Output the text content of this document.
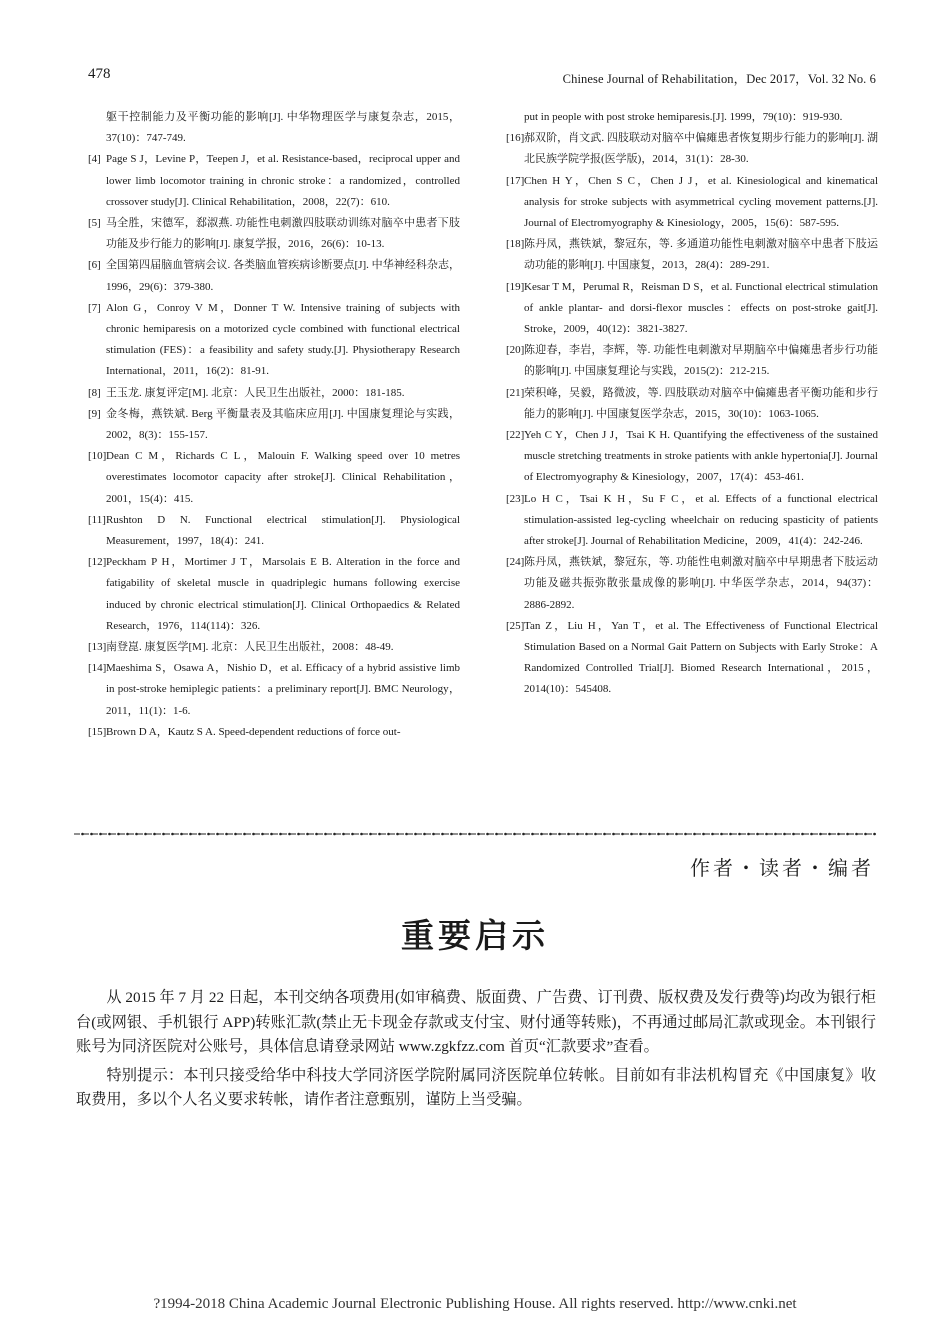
478	Chinese Journal of Rehabilitation，Dec 2017，Vol. 32 No. 6
躯干控制能力及平衡功能的影响[J]. 中华物理医学与康复杂志，2015，37(10)：747-749.
[4] Page S J，Levine P，Teepen J，et al. Resistance-based，reciprocal upper and lower limb locomotor training in chronic stroke：a randomized，controlled crossover study[J]. Clinical Rehabilitation，2008，22(7)：610.
[5] 马全胜，宋德军，郄淑燕. 功能性电刺激四肢联动训练对脑卒中患者下肢功能及步行能力的影响[J]. 康复学报，2016，26(6)：10-13.
[6] 全国第四届脑血管病会议. 各类脑血管疾病诊断要点[J]. 中华神经科杂志，1996，29(6)：379-380.
[7] Alon G，Conroy V M，Donner T W. Intensive training of subjects with chronic hemiparesis on a motorized cycle combined with functional electrical stimulation (FES)：a feasibility and safety study.[J]. Physiotherapy Research International，2011，16(2)：81-91.
[8] 王玉龙. 康复评定[M]. 北京：人民卫生出版社，2000：181-185.
[9] 金冬梅，燕铁斌. Berg 平衡量表及其临床应用[J]. 中国康复理论与实践，2002，8(3)：155-157.
[10] Dean C M，Richards C L，Malouin F. Walking speed over 10 metres overestimates locomotor capacity after stroke[J]. Clinical Rehabilitation，2001，15(4)：415.
[11] Rushton D N. Functional electrical stimulation[J]. Physiological Measurement，1997，18(4)：241.
[12] Peckham P H，Mortimer J T，Marsolais E B. Alteration in the force and fatigability of skeletal muscle in quadriplegic humans following exercise induced by chronic electrical stimulation[J]. Clinical Orthopaedics & Related Research，1976，114(114)：326.
[13] 南登崑. 康复医学[M]. 北京：人民卫生出版社，2008：48-49.
[14] Maeshima S，Osawa A，Nishio D，et al. Efficacy of a hybrid assistive limb in post-stroke hemiplegic patients：a preliminary report[J]. BMC Neurology，2011，11(1)：1-6.
[15] Brown D A，Kautz S A. Speed-dependent reductions of force out-
put in people with post stroke hemiparesis.[J]. 1999，79(10)：919-930.
[16] 郝双阶，肖文武. 四肢联动对脑卒中偏瘫患者恢复期步行能力的影响[J]. 湖北民族学院学报(医学版)，2014，31(1)：28-30.
[17] Chen H Y，Chen S C，Chen J J，et al. Kinesiological and kinematical analysis for stroke subjects with asymmetrical cycling movement patterns.[J]. Journal of Electromyography & Kinesiology，2005，15(6)：587-595.
[18] 陈丹凤，燕铁斌，黎冠东，等. 多通道功能性电刺激对脑卒中患者下肢运动功能的影响[J]. 中国康复，2013，28(4)：289-291.
[19] Kesar T M，Perumal R，Reisman D S，et al. Functional electrical stimulation of ankle plantar- and dorsi-flexor muscles：effects on post-stroke gait[J]. Stroke，2009，40(12)：3821-3827.
[20] 陈迎春，李岩，李辉，等. 功能性电刺激对早期脑卒中偏瘫患者步行功能的影响[J]. 中国康复理论与实践，2015(2)：212-215.
[21] 荣积峰，吴毅，路微波，等. 四肢联动对脑卒中偏瘫患者平衡功能和步行能力的影响[J]. 中国康复医学杂志，2015，30(10)：1063-1065.
[22] Yeh C Y，Chen J J，Tsai K H. Quantifying the effectiveness of the sustained muscle stretching treatments in stroke patients with ankle hypertonia[J]. Journal of Electromyography & Kinesiology，2007，17(4)：453-461.
[23] Lo H C，Tsai K H，Su F C，et al. Effects of a functional electrical stimulation-assisted leg-cycling wheelchair on reducing spasticity of patients after stroke[J]. Journal of Rehabilitation Medicine，2009，41(4)：242-246.
[24] 陈丹凤，燕铁斌，黎冠东，等. 功能性电刺激对脑卒中早期患者下肢运动功能及磁共振弥散张量成像的影响[J]. 中华医学杂志，2014，94(37)：2886-2892.
[25] Tan Z，Liu H，Yan T，et al. The Effectiveness of Functional Electrical Stimulation Based on a Normal Gait Pattern on Subjects with Early Stroke：A Randomized Controlled Trial[J]. Biomed Research International，2015，2014(10)：545408.
作者・读者・编者
重要启示

从 2015 年 7 月 22 日起，本刊交纳各项费用(如审稿费、版面费、广告费、订刊费、版权费及发行费等)均改为银行柜台(或网银、手机银行 APP)转账汇款(禁止无卡现金存款或支付宝、财付通等转账)，不再通过邮局汇款或现金。本刊银行账号为同济医院对公账号，具体信息请登录网站 www.zgkfzz.com 首页“汇款要求”查看。

特别提示：本刊只接受给华中科技大学同济医学院附属同济医院单位转帐。目前如有非法机构冒充《中国康复》收取费用，多以个人名义要求转帐，请作者注意甄别，谨防上当受骗。

?1994-2018 China Academic Journal Electronic Publishing House. All rights reserved. http://www.cnki.net
